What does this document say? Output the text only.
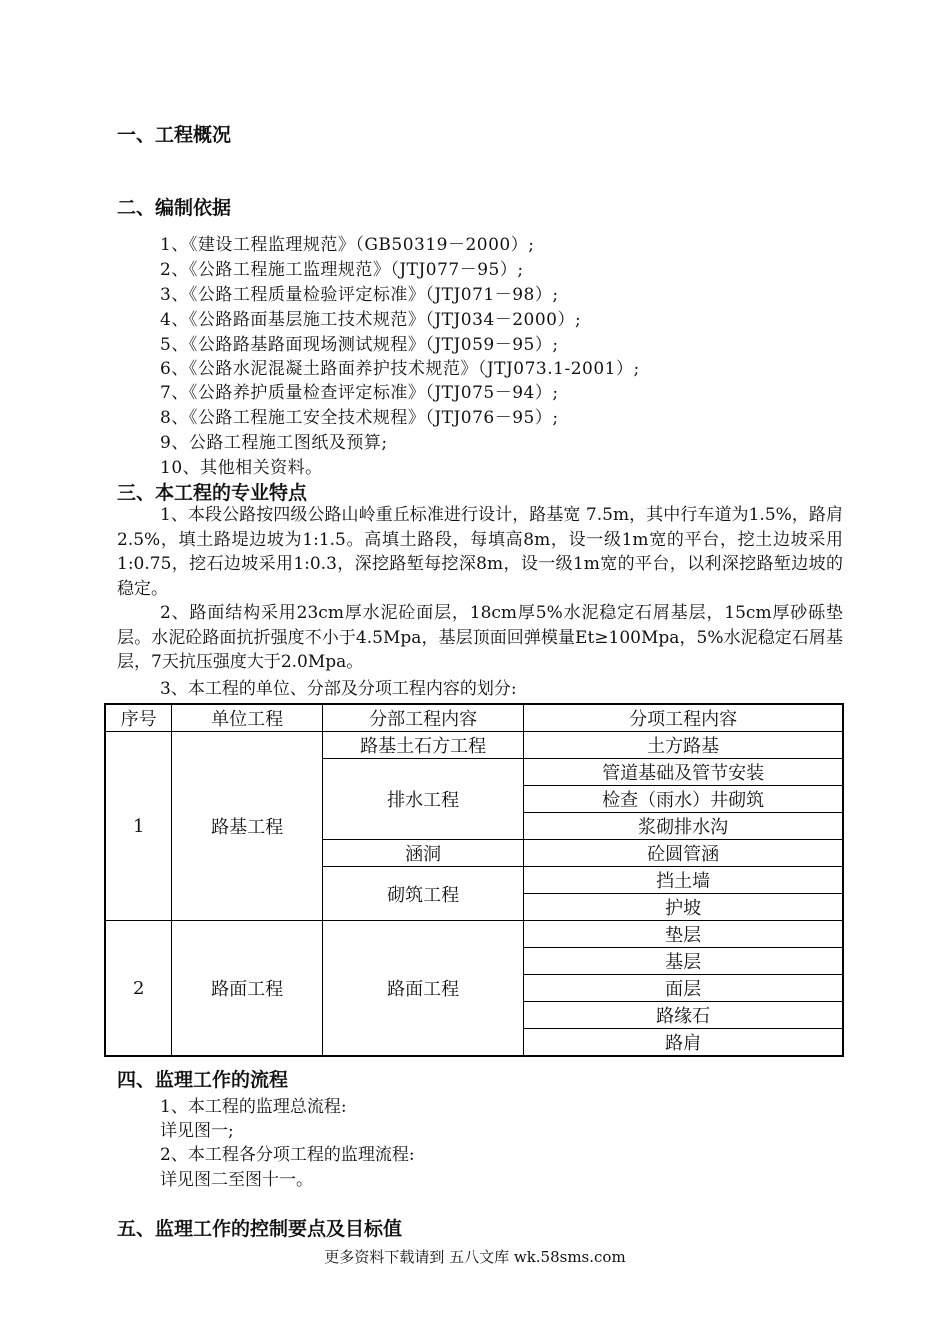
一、工程概况
二、编制依据

1、《建设工程监理规范》（GB50319－2000）;

2、《公路工程施工监理规范》（JTJ077－95）;

3、《公路工程质量检验评定标准》（JTJ071－98）;

4、《公路路面基层施工技术规范》（JTJ034－2000）;

5、《公路路基路面现场测试规程》（JTJ059－95）;

6、《公路水泥混凝土路面养护技术规范》（JTJ073.1-2001）;

7、《公路养护质量检查评定标准》（JTJ075－94）;

8、《公路工程施工安全技术规程》（JTJ076－95）;

9、公路工程施工图纸及预算;

10、其他相关资料。

三、本工程的专业特点

1、本段公路按四级公路山岭重丘标准进行设计，路基宽 7.5m，其中行车道为1.5%，路肩2.5%，填土路堤边坡为1:1.5。高填土路段，每填高8m，设一级1m宽的平台，挖土边坡采用1:0.75，挖石边坡采用1:0.3，深挖路堑每挖深8m，设一级1m宽的平台，以利深挖路堑边坡的稳定。

2、路面结构采用23cm厚水泥砼面层，18cm厚5%水泥稳定石屑基层，15cm厚砂砾垫层。水泥砼路面抗折强度不小于4.5Mpa，基层顶面回弹模量Et≥100Mpa，5%水泥稳定石屑基层，7天抗压强度大于2.0Mpa。

3、本工程的单位、分部及分项工程内容的划分:

序号	单位工程	分部工程内容	分项工程内容
1	路基工程	路基土石方工程	土方路基
		排水工程	管道基础及管节安装
			检查（雨水）井砌筑
			浆砌排水沟
		涵洞	砼圆管涵
		砌筑工程	挡土墙
			护坡
2	路面工程	路面工程	垫层
			基层
			面层
			路缘石
			路肩
四、监理工作的流程

1、本工程的监理总流程:

详见图一;

2、本工程各分项工程的监理流程:

详见图二至图十一。

五、监理工作的控制要点及目标值
更多资料下载请到 五八文库 wk.58sms.com
